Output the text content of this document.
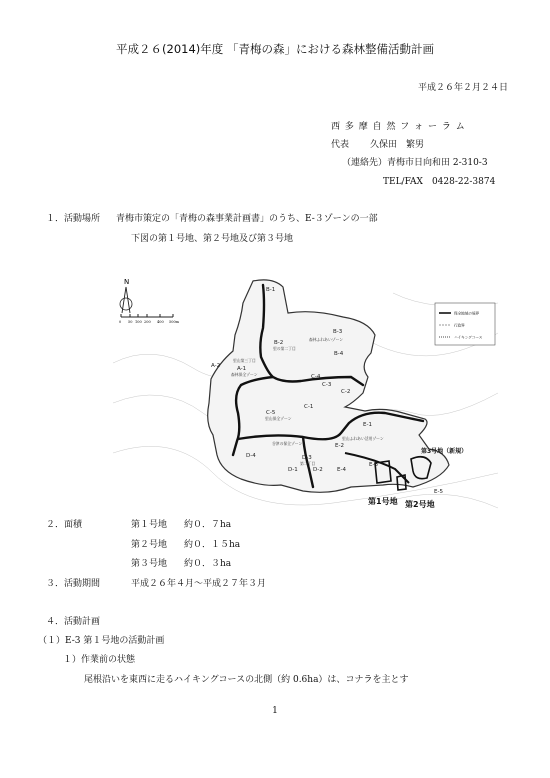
平成２６(2014)年度 「青梅の森」における森林整備活動計画
平成２６年２月２４日
西 多 摩 自 然 フ ォ ー ラ ム
代表 久保田　繁男
（連絡先）青梅市日向和田 2-310-3
TEL/FAX　0428-22-3874
１．活動場所 青梅市策定の「青梅の森事業計画書」のうち、E-３ゾーンの一部
下図の第１号地、第２号地及び第３号地
N
0 50 100 200 400 500m
B-1
B-2
B-3
B-4
A-2	A-1
C-4
C-3
C-2
C-1
C-5
E-1
E-2
D-4	D-3
D-1	D-2	E-4
E-3
E-5
森林ふれあいゾーン
里の第二丁目
里山第三丁目
森林保全ゾーン
里山保全ゾーン
谷津の保全ゾーン
第二丁目
里山ふれあい活用ゾーン
第1号地 第2号地
第3号地（新規）
保全地域の境界
行政界
ハイキングコース
２．面積	第１号地 約０．７ha
第２号地 約０．１５ha
第３号地 約０．３ha
３．活動期間	平成２６年４月～平成２７年３月
４．活動計画
（１）E-3 第１号地の活動計画
１）作業前の状態
尾根沿いを東西に走るハイキングコースの北側（約 0.6ha）は、コナラを主とす
1
